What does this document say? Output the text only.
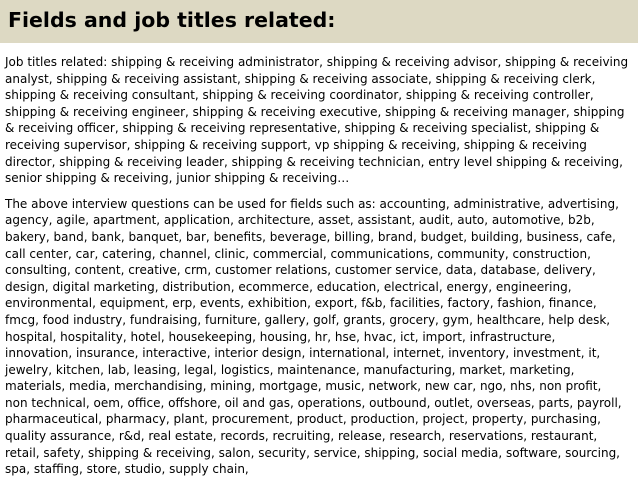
Fields and job titles related:

Job titles related: shipping & receiving administrator, shipping & receiving advisor, shipping & receiving
analyst, shipping & receiving assistant, shipping & receiving associate, shipping & receiving clerk,
shipping & receiving consultant, shipping & receiving coordinator, shipping & receiving controller,
shipping & receiving engineer, shipping & receiving executive, shipping & receiving manager, shipping
& receiving officer, shipping & receiving representative, shipping & receiving specialist, shipping &
receiving supervisor, shipping & receiving support, vp shipping & receiving, shipping & receiving
director, shipping & receiving leader, shipping & receiving technician, entry level shipping & receiving,
senior shipping & receiving, junior shipping & receiving…

The above interview questions can be used for fields such as: accounting, administrative, advertising,
agency, agile, apartment, application, architecture, asset, assistant, audit, auto, automotive, b2b,
bakery, band, bank, banquet, bar, benefits, beverage, billing, brand, budget, building, business, cafe,
call center, car, catering, channel, clinic, commercial, communications, community, construction,
consulting, content, creative, crm, customer relations, customer service, data, database, delivery,
design, digital marketing, distribution, ecommerce, education, electrical, energy, engineering,
environmental, equipment, erp, events, exhibition, export, f&b, facilities, factory, fashion, finance,
fmcg, food industry, fundraising, furniture, gallery, golf, grants, grocery, gym, healthcare, help desk,
hospital, hospitality, hotel, housekeeping, housing, hr, hse, hvac, ict, import, infrastructure,
innovation, insurance, interactive, interior design, international, internet, inventory, investment, it,
jewelry, kitchen, lab, leasing, legal, logistics, maintenance, manufacturing, market, marketing,
materials, media, merchandising, mining, mortgage, music, network, new car, ngo, nhs, non profit,
non technical, oem, office, offshore, oil and gas, operations, outbound, outlet, overseas, parts, payroll,
pharmaceutical, pharmacy, plant, procurement, product, production, project, property, purchasing,
quality assurance, r&d, real estate, records, recruiting, release, research, reservations, restaurant,
retail, safety, shipping & receiving, salon, security, service, shipping, social media, software, sourcing,
spa, staffing, store, studio, supply chain,
